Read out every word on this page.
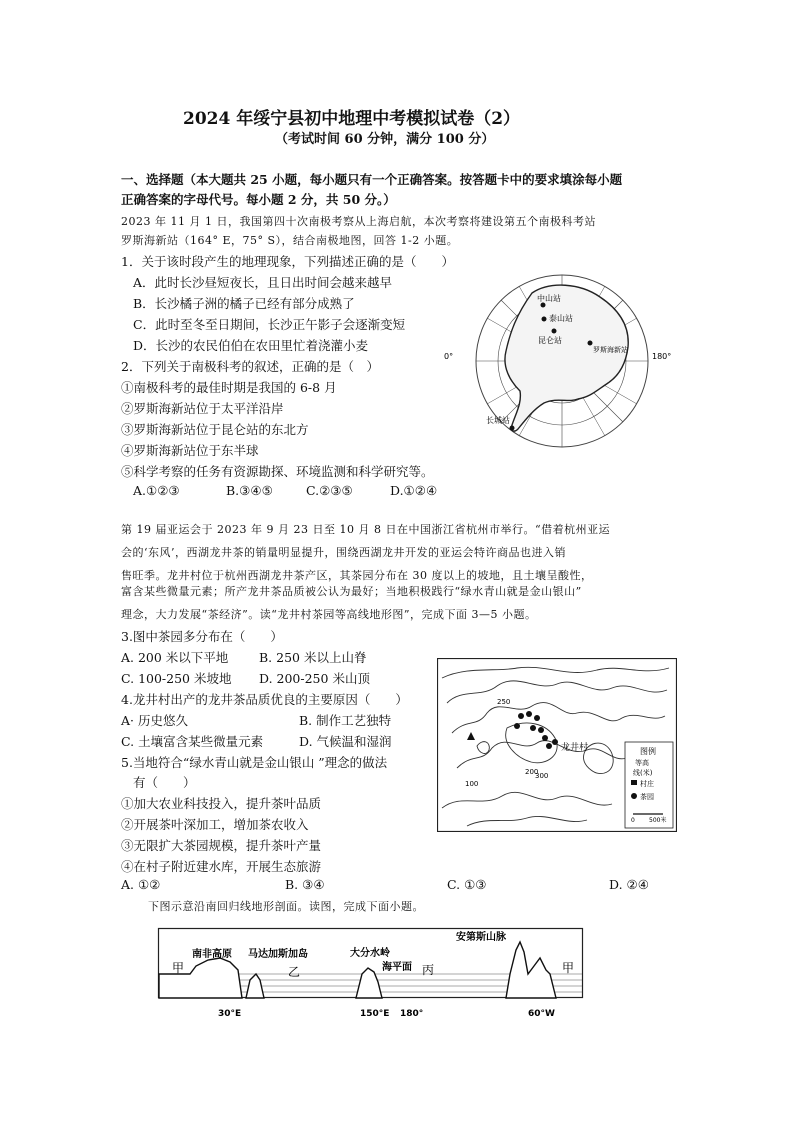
2024 年绥宁县初中地理中考模拟试卷（2）
（考试时间 60 分钟，满分 100 分）
一、选择题（本大题共 25 小题，每小题只有一个正确答案。按答题卡中的要求填涂每小题
正确答案的字母代号。每小题 2 分，共 50 分。）
2023 年 11 月 1 日，我国第四十次南极考察从上海启航，本次考察将建设第五个南极科考站
罗斯海新站（164° E，75° S），结合南极地图，回答 1-2 小题。
1．关于该时段产生的地理现象，下列描述正确的是（　　）
A．此时长沙昼短夜长，且日出时间会越来越早
B．长沙橘子洲的橘子已经有部分成熟了
C．此时至冬至日期间，长沙正午影子会逐渐变短
D．长沙的农民伯伯在农田里忙着浇灌小麦
2．下列关于南极科考的叙述，正确的是（　）
①南极科考的最佳时期是我国的 6-8 月
②罗斯海新站位于太平洋沿岸
③罗斯海新站位于昆仑站的东北方
④罗斯海新站位于东半球
⑤科学考察的任务有资源勘探、环境监测和科学研究等。
A.①②③	B.③④⑤	C.②③⑤	D.①②④
中山站
泰山站
昆仑站
罗斯海新站
长城站
0°	180°
第 19 届亚运会于 2023 年 9 月 23 日至 10 月 8 日在中国浙江省杭州市举行。“借着杭州亚运
会的‘东风’，西湖龙井茶的销量明显提升，围绕西湖龙井开发的亚运会特许商品也进入销
售旺季。龙井村位于杭州西湖龙井茶产区，其茶园分布在 30 度以上的坡地，且土壤呈酸性，
富含某些微量元素；所产龙井茶品质被公认为最好；当地积极践行“绿水青山就是金山银山”
理念，大力发展“茶经济”。读“龙井村茶园等高线地形图”，完成下面 3—5 小题。
3.图中茶园多分布在（　　）
A. 200 米以下平地 B. 250 米以上山脊
C. 100-250 米坡地 D. 200-250 米山顶
4.龙井村出产的龙井茶品质优良的主要原因（　　）
A· 历史悠久	B. 制作工艺独特
C. 土壤富含某些微量元素	D. 气候温和湿润
5.当地符合“绿水青山就是金山银山 ”理念的做法
有（　　）
①加大农业科技投入，提升茶叶品质
②开展茶叶深加工，增加茶农收入
③无限扩大茶园规模，提升茶叶产量
④在村子附近建水库，开展生态旅游
A. ①②	B. ③④	C. ①③	D. ②④
龙井村
100
200
250
300
图例
等高
线(米)
村庄
茶园
0 500米
下图示意沿南回归线地形剖面。读图，完成下面小题。
南非高原 马达加斯加岛	大分水岭
海平面
安第斯山脉
甲	乙	丙	甲
30°E	150°E 180°	60°W
